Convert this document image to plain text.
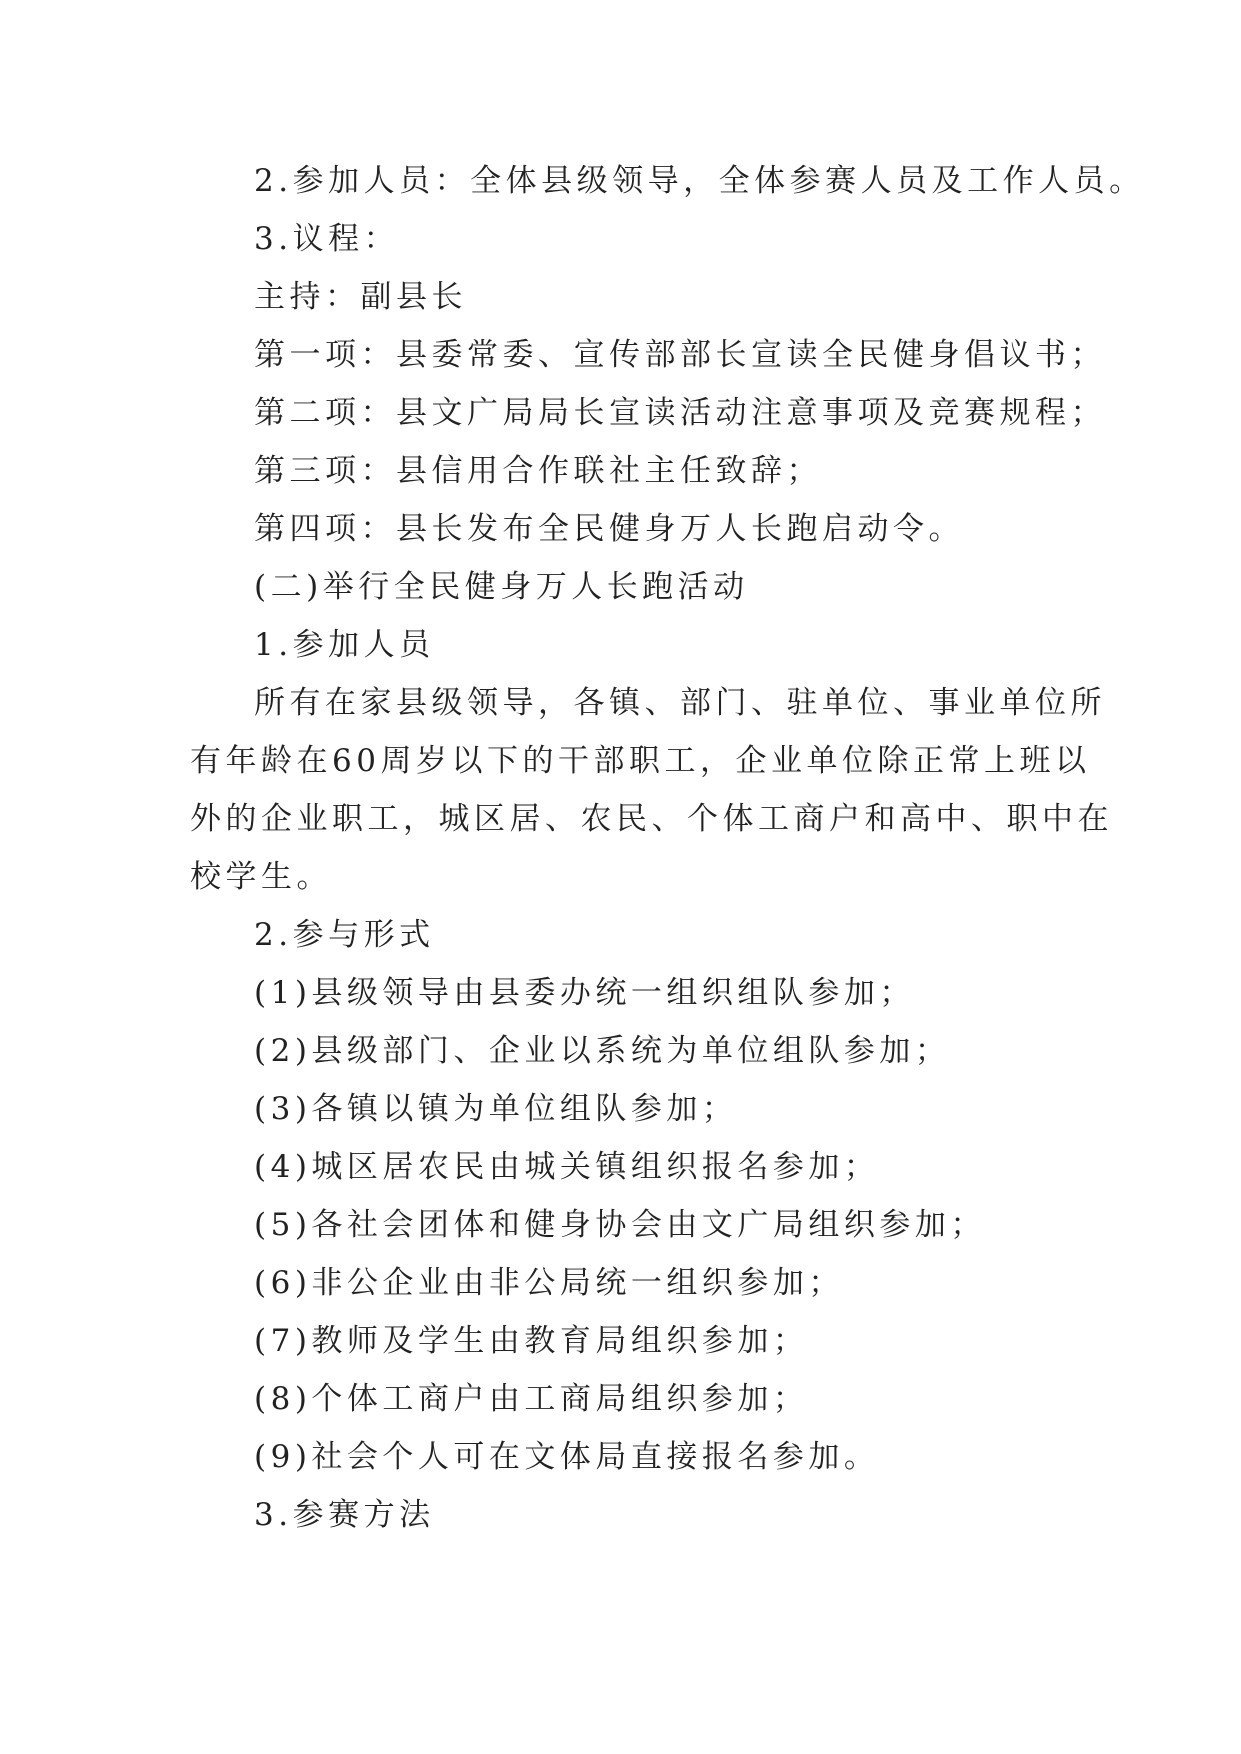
2.参加人员：全体县级领导，全体参赛人员及工作人员。
3.议程：
主持：副县长
第一项：县委常委、宣传部部长宣读全民健身倡议书；
第二项：县文广局局长宣读活动注意事项及竞赛规程；
第三项：县信用合作联社主任致辞；
第四项：县长发布全民健身万人长跑启动令。
(二)举行全民健身万人长跑活动
1.参加人员
所有在家县级领导，各镇、部门、驻单位、事业单位所
有年龄在60周岁以下的干部职工，企业单位除正常上班以
外的企业职工，城区居、农民、个体工商户和高中、职中在
校学生。
2.参与形式
(1)县级领导由县委办统一组织组队参加；
(2)县级部门、企业以系统为单位组队参加；
(3)各镇以镇为单位组队参加；
(4)城区居农民由城关镇组织报名参加；
(5)各社会团体和健身协会由文广局组织参加；
(6)非公企业由非公局统一组织参加；
(7)教师及学生由教育局组织参加；
(8)个体工商户由工商局组织参加；
(9)社会个人可在文体局直接报名参加。
3.参赛方法
